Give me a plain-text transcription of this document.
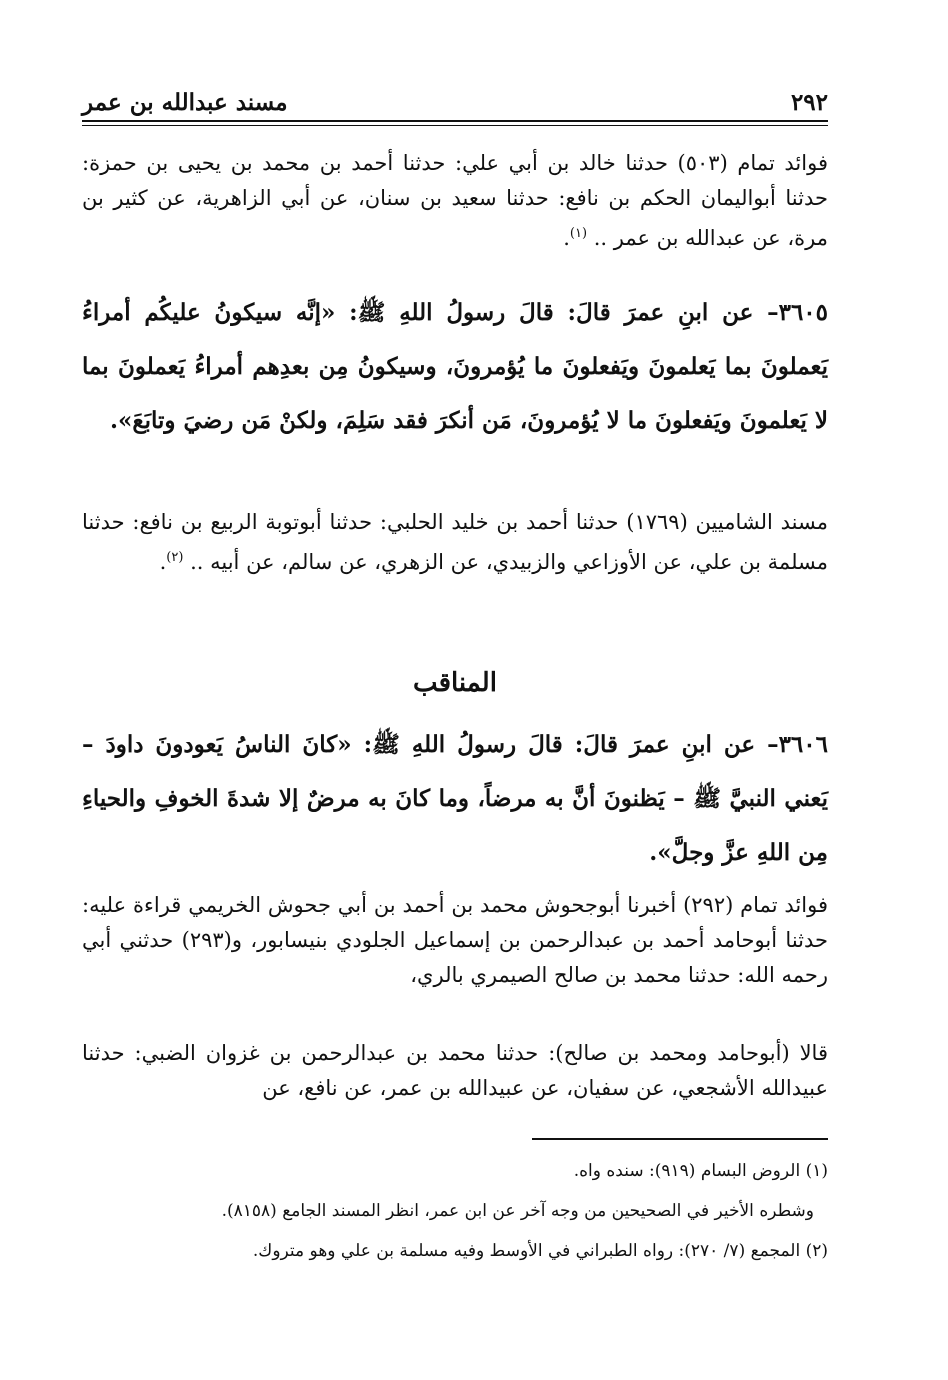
٢٩٢
مسند عبدالله بن عمر
فوائد تمام (٥٠٣) حدثنا خالد بن أبي علي: حدثنا أحمد بن محمد بن يحيى بن حمزة: حدثنا أبواليمان الحكم بن نافع: حدثنا سعيد بن سنان، عن أبي الزاهرية، عن كثير بن مرة، عن عبدالله بن عمر .. $^{(١)}$.
٣٦٠٥– عن ابنِ عمرَ قالَ: قالَ رسولُ اللهِ ﷺ: «إنَّه سيكونُ عليكُم أمراءُ يَعملونَ بما يَعلمونَ ويَفعلونَ ما يُؤمرونَ، وسيكونُ مِن بعدِهم أمراءُ يَعملونَ بما لا يَعلمونَ ويَفعلونَ ما لا يُؤمرونَ، مَن أنكرَ فقد سَلِمَ، ولكنْ مَن رضيَ وتابَعَ».
مسند الشاميين (١٧٦٩) حدثنا أحمد بن خليد الحلبي: حدثنا أبوتوبة الربيع بن نافع: حدثنا مسلمة بن علي، عن الأوزاعي والزبيدي، عن الزهري، عن سالم، عن أبيه .. $^{(٢)}$.
المناقب
٣٦٠٦– عن ابنِ عمرَ قالَ: قالَ رسولُ اللهِ ﷺ: «كانَ الناسُ يَعودونَ داودَ – يَعني النبيَّ ﷺ – يَظنونَ أنَّ به مرضاً، وما كانَ به مرضٌ إلا شدةَ الخوفِ والحياءِ مِن اللهِ عزَّ وجلَّ».
فوائد تمام (٢٩٢) أخبرنا أبوجحوش محمد بن أحمد بن أبي جحوش الخريمي قراءة عليه: حدثنا أبوحامد أحمد بن عبدالرحمن بن إسماعيل الجلودي بنيسابور، و(٢٩٣) حدثني أبي رحمه الله: حدثنا محمد بن صالح الصيمري بالري،
قالا (أبوحامد ومحمد بن صالح): حدثنا محمد بن عبدالرحمن بن غزوان الضبي: حدثنا عبيدالله الأشجعي، عن سفيان، عن عبيدالله بن عمر، عن نافع، عن
(١) الروض البسام (٩١٩): سنده واه.
وشطره الأخير في الصحيحين من وجه آخر عن ابن عمر، انظر المسند الجامع (٨١٥٨).
(٢) المجمع (٧/ ٢٧٠): رواه الطبراني في الأوسط وفيه مسلمة بن علي وهو متروك.
